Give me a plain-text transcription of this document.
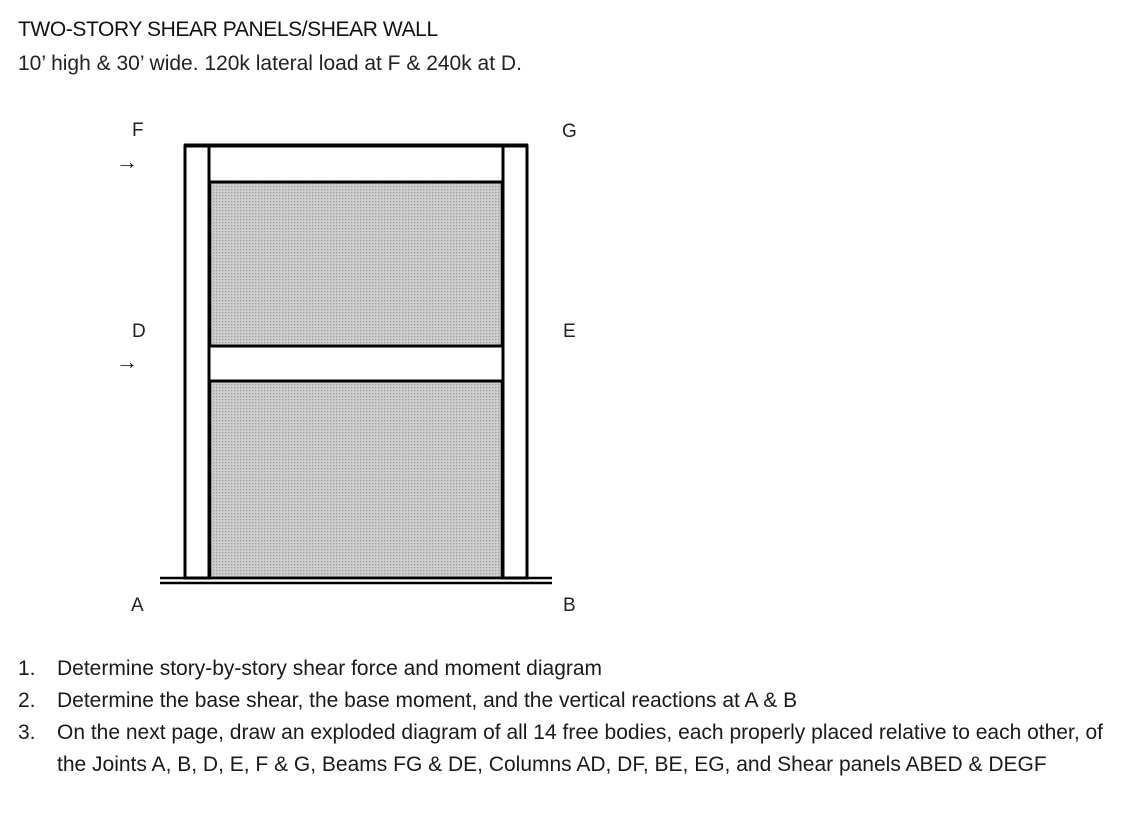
TWO-STORY SHEAR PANELS/SHEAR WALL
10’ high & 30’ wide. 120k lateral load at F & 240k at D.
F	G
D	E
A	B
→
→
1. Determine story-by-story shear force and moment diagram
2. Determine the base shear, the base moment, and the vertical reactions at A & B
3. On the next page, draw an exploded diagram of all 14 free bodies, each properly placed relative to each other, of the Joints A, B, D, E, F & G, Beams FG & DE, Columns AD, DF, BE, EG, and Shear panels ABED & DEGF
